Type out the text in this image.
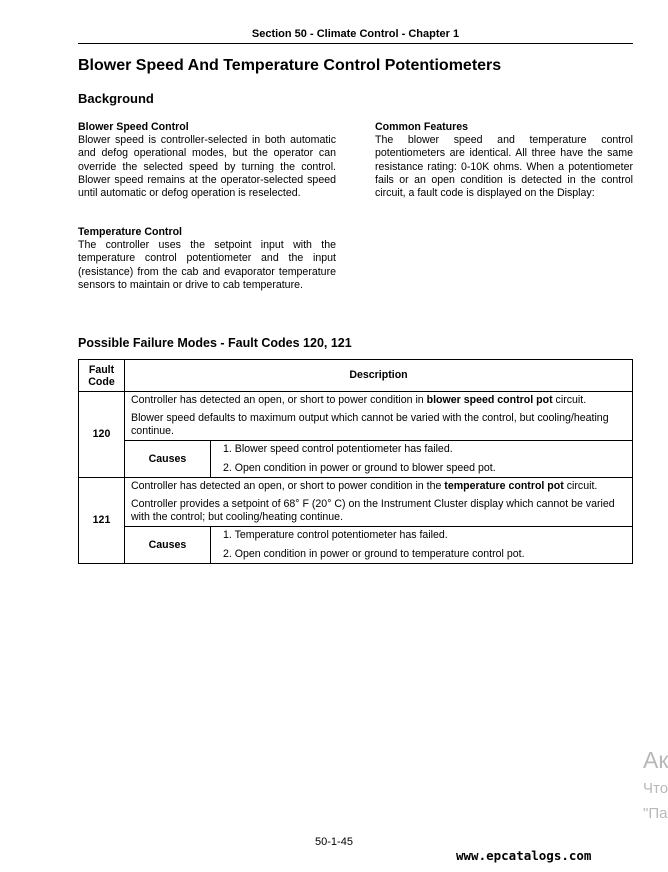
Section 50 - Climate Control - Chapter 1
Blower Speed And Temperature Control Potentiometers
Background
Blower Speed Control
Blower speed is controller-selected in both automatic and defog operational modes, but the operator can override the selected speed by turning the control. Blower speed remains at the operator-selected speed until automatic or defog operation is reselected.
Temperature Control
The controller uses the setpoint input with the temperature control potentiometer and the input (resistance) from the cab and evaporator temperature sensors to maintain or drive to cab temperature.
Common Features
The blower speed and temperature control potentiometers are identical. All three have the same resistance rating: 0-10K ohms. When a potentiometer fails or an open condition is detected in the control circuit, a fault code is displayed on the Display:
Possible Failure Modes - Fault Codes 120, 121
Fault
Code	Description	
120	Controller has detected an open, or short to power condition in blower speed control pot circuit.

Blower speed defaults to maximum output which cannot be varied with the control, but cooling/heating continue.	

	Causes	1. Blower speed control potentiometer has failed.
2. Open condition in power or ground to blower speed pot.

121	Controller has detected an open, or short to power condition in the temperature control pot circuit.

Controller provides a setpoint of 68° F (20° C) on the Instrument Cluster display which cannot be varied with the control; but cooling/heating continue.	

	Causes	1. Temperature control potentiometer has failed.
2. Open condition in power or ground to temperature control pot.
Ак
Что
"Па
50-1-45
www.epcatalogs.com
